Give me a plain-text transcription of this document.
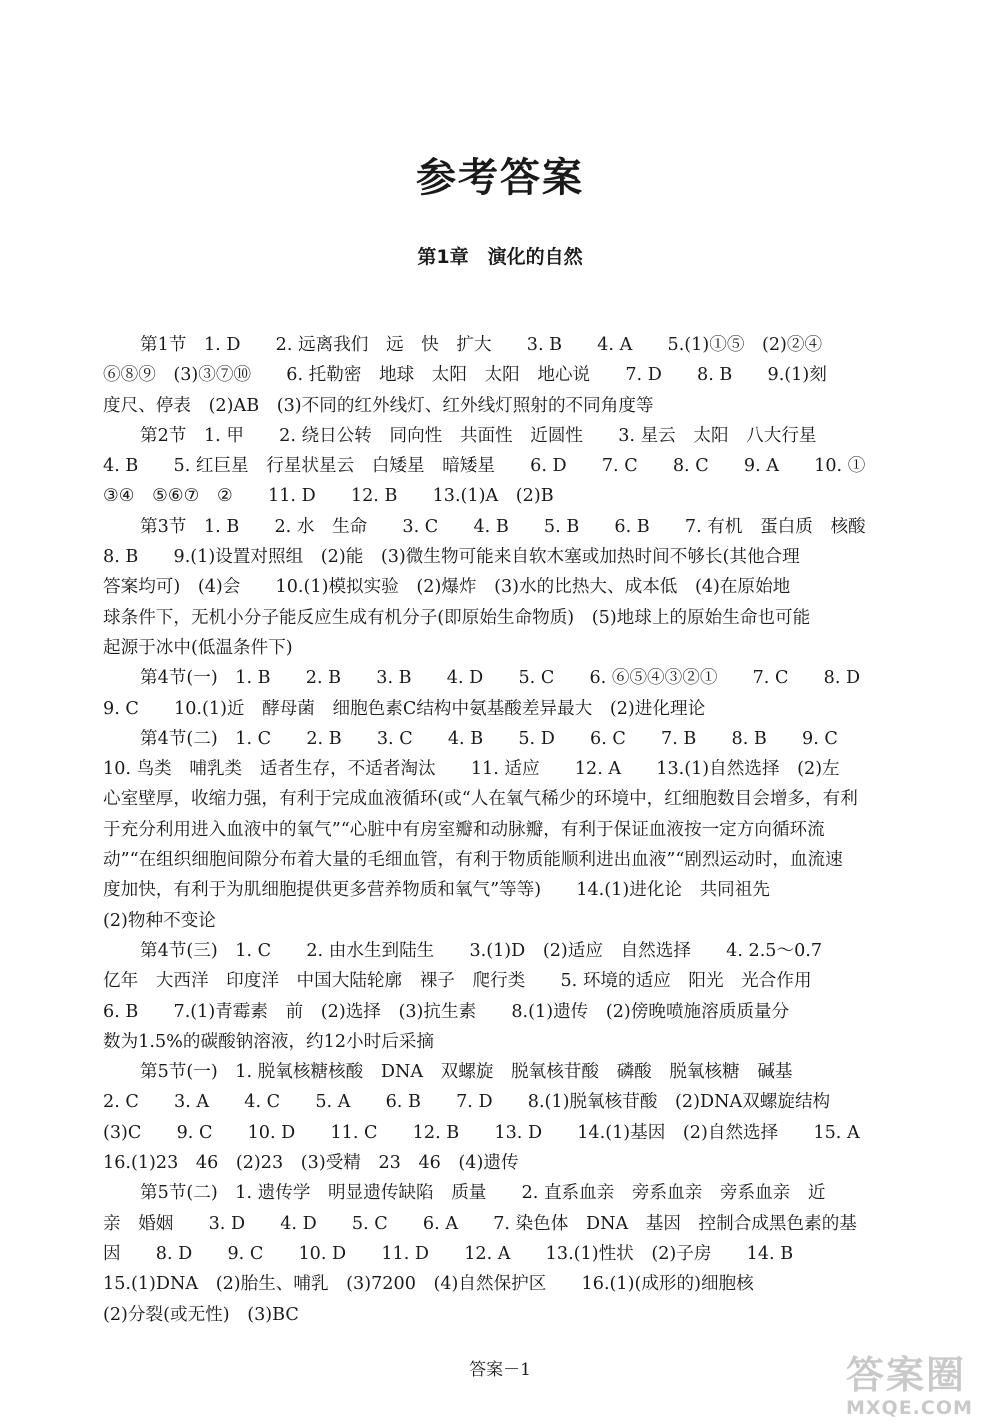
参考答案
第1章　演化的自然
第1节　1. D　　2. 远离我们　远　快　扩大　　3. B　　4. A　　5.(1)①⑤　(2)②④
⑥⑧⑨　(3)③⑦⑩　　6. 托勒密　地球　太阳　太阳　地心说　　7. D　　8. B　　9.(1)刻
度尺、停表　(2)AB　(3)不同的红外线灯、红外线灯照射的不同角度等
第2节　1. 甲　　2. 绕日公转　同向性　共面性　近圆性　　3. 星云　太阳　八大行星
4. B　　5. 红巨星　行星状星云　白矮星　暗矮星　　6. D　　7. C　　8. C　　9. A　　10. ①
③④　⑤⑥⑦　②　　11. D　　12. B　　13.(1)A　(2)B
第3节　1. B　　2. 水　生命　　3. C　　4. B　　5. B　　6. B　　7. 有机　蛋白质　核酸
8. B　　9.(1)设置对照组　(2)能　(3)微生物可能来自软木塞或加热时间不够长(其他合理
答案均可)　(4)会　　10.(1)模拟实验　(2)爆炸　(3)水的比热大、成本低　(4)在原始地
球条件下，无机小分子能反应生成有机分子(即原始生命物质)　(5)地球上的原始生命也可能
起源于冰中(低温条件下)
第4节(一)　1. B　　2. B　　3. B　　4. D　　5. C　　6. ⑥⑤④③②①　　7. C　　8. D
9. C　　10.(1)近　酵母菌　细胞色素C结构中氨基酸差异最大　(2)进化理论
第4节(二)　1. C　　2. B　　3. C　　4. B　　5. D　　6. C　　7. B　　8. B　　9. C
10. 鸟类　哺乳类　适者生存，不适者淘汰　　11. 适应　　12. A　　13.(1)自然选择　(2)左
心室壁厚，收缩力强，有利于完成血液循环(或“人在氧气稀少的环境中，红细胞数目会增多，有利
于充分利用进入血液中的氧气”“心脏中有房室瓣和动脉瓣，有利于保证血液按一定方向循环流
动”“在组织细胞间隙分布着大量的毛细血管，有利于物质能顺利进出血液”“剧烈运动时，血流速
度加快，有利于为肌细胞提供更多营养物质和氧气”等等)　　14.(1)进化论　共同祖先
(2)物种不变论
第4节(三)　1. C　　2. 由水生到陆生　　3.(1)D　(2)适应　自然选择　　4. 2.5～0.7
亿年　大西洋　印度洋　中国大陆轮廓　裸子　爬行类　　5. 环境的适应　阳光　光合作用
6. B　　7.(1)青霉素　前　(2)选择　(3)抗生素　　8.(1)遗传　(2)傍晚喷施溶质质量分
数为1.5%的碳酸钠溶液，约12小时后采摘
第5节(一)　1. 脱氧核糖核酸　DNA　双螺旋　脱氧核苷酸　磷酸　脱氧核糖　碱基
2. C　　3. A　　4. C　　5. A　　6. B　　7. D　　8.(1)脱氧核苷酸　(2)DNA双螺旋结构
(3)C　　9. C　　10. D　　11. C　　12. B　　13. D　　14.(1)基因　(2)自然选择　　15. A
16.(1)23　46　(2)23　(3)受精　23　46　(4)遗传
第5节(二)　1. 遗传学　明显遗传缺陷　质量　　2. 直系血亲　旁系血亲　旁系血亲　近
亲　婚姻　　3. D　　4. D　　5. C　　6. A　　7. 染色体　DNA　基因　控制合成黑色素的基
因　　8. D　　9. C　　10. D　　11. D　　12. A　　13.(1)性状　(2)子房　　14. B
15.(1)DNA　(2)胎生、哺乳　(3)7200　(4)自然保护区　　16.(1)(成形的)细胞核
(2)分裂(或无性)　(3)BC
答案－1	答案圈
MXQE.COM
